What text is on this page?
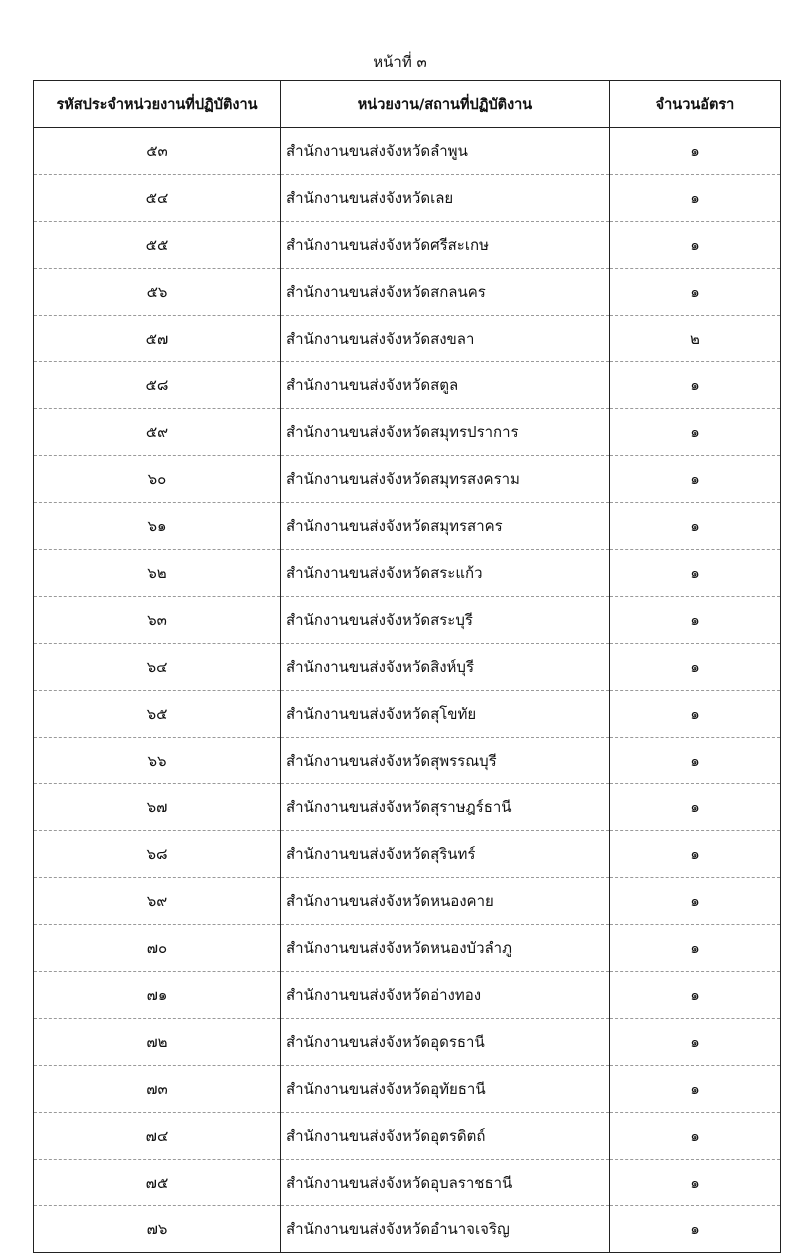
หน้าที่ ๓
รหัสประจำหน่วยงานที่ปฏิบัติงาน	หน่วยงาน/สถานที่ปฏิบัติงาน	จำนวนอัตรา
๕๓	สำนักงานขนส่งจังหวัดลำพูน	๑
๕๔	สำนักงานขนส่งจังหวัดเลย	๑
๕๕	สำนักงานขนส่งจังหวัดศรีสะเกษ	๑
๕๖	สำนักงานขนส่งจังหวัดสกลนคร	๑
๕๗	สำนักงานขนส่งจังหวัดสงขลา	๒
๕๘	สำนักงานขนส่งจังหวัดสตูล	๑
๕๙	สำนักงานขนส่งจังหวัดสมุทรปราการ	๑
๖๐	สำนักงานขนส่งจังหวัดสมุทรสงคราม	๑
๖๑	สำนักงานขนส่งจังหวัดสมุทรสาคร	๑
๖๒	สำนักงานขนส่งจังหวัดสระแก้ว	๑
๖๓	สำนักงานขนส่งจังหวัดสระบุรี	๑
๖๔	สำนักงานขนส่งจังหวัดสิงห์บุรี	๑
๖๕	สำนักงานขนส่งจังหวัดสุโขทัย	๑
๖๖	สำนักงานขนส่งจังหวัดสุพรรณบุรี	๑
๖๗	สำนักงานขนส่งจังหวัดสุราษฎร์ธานี	๑
๖๘	สำนักงานขนส่งจังหวัดสุรินทร์	๑
๖๙	สำนักงานขนส่งจังหวัดหนองคาย	๑
๗๐	สำนักงานขนส่งจังหวัดหนองบัวลำภู	๑
๗๑	สำนักงานขนส่งจังหวัดอ่างทอง	๑
๗๒	สำนักงานขนส่งจังหวัดอุดรธานี	๑
๗๓	สำนักงานขนส่งจังหวัดอุทัยธานี	๑
๗๔	สำนักงานขนส่งจังหวัดอุตรดิตถ์	๑
๗๕	สำนักงานขนส่งจังหวัดอุบลราชธานี	๑
๗๖	สำนักงานขนส่งจังหวัดอำนาจเจริญ	๑
